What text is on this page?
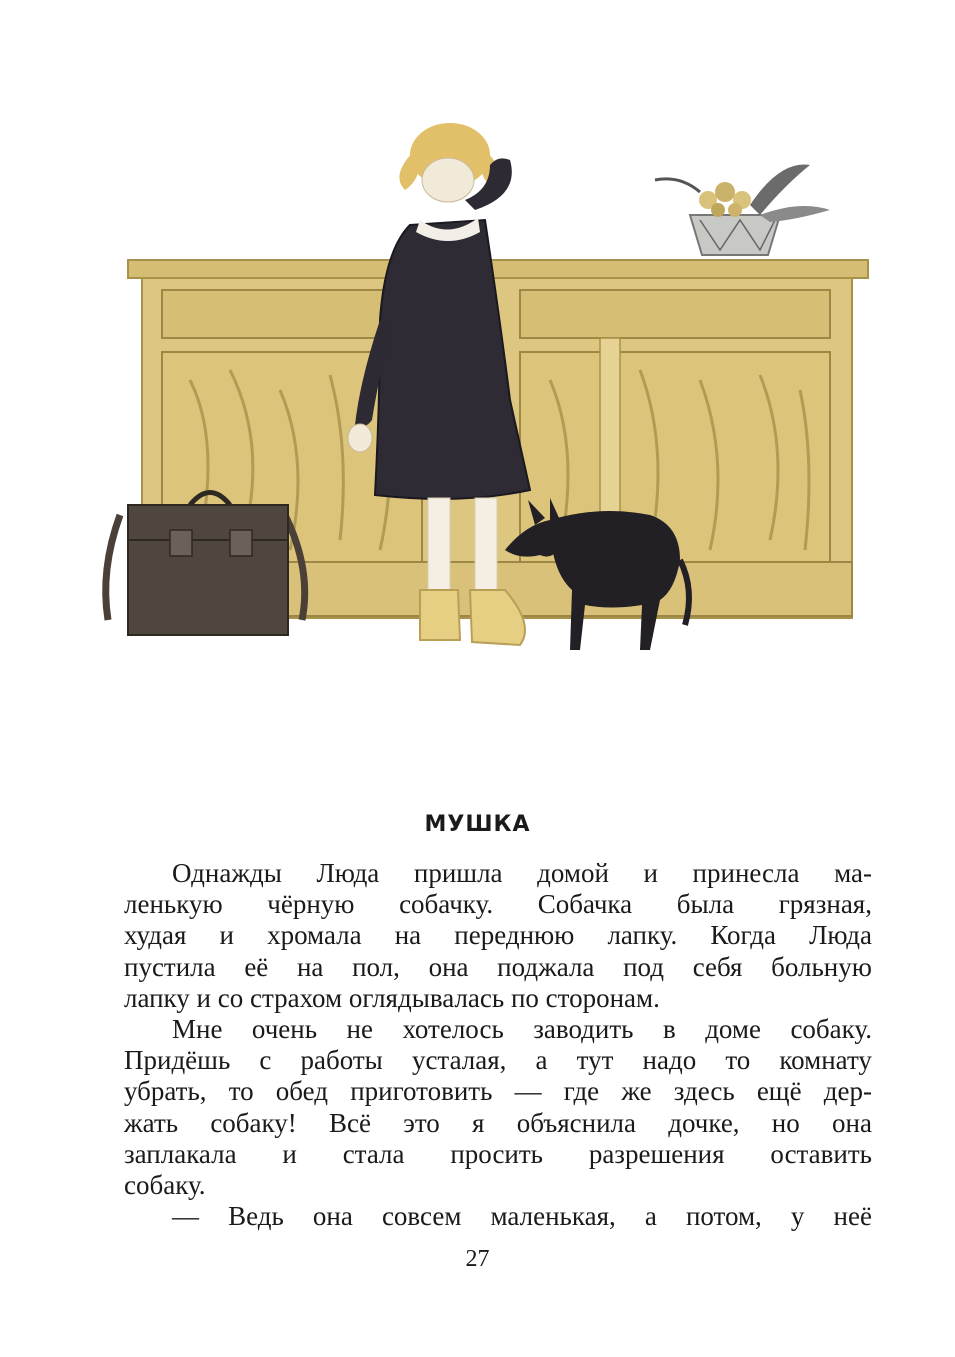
МУШКА
Однажды Люда пришла домой и принесла ма-
ленькую чёрную собачку. Собачка была грязная,
худая и хромала на переднюю лапку. Когда Люда
пустила её на пол, она поджала под себя больную
лапку и со страхом оглядывалась по сторонам.
Мне очень не хотелось заводить в доме собаку.
Придёшь с работы усталая, а тут надо то комнату
убрать, то обед приготовить — где же здесь ещё дер-
жать собаку! Всё это я объяснила дочке, но она
заплакала и стала просить разрешения оставить
собаку.
— Ведь она совсем маленькая, а потом, у неё
27
